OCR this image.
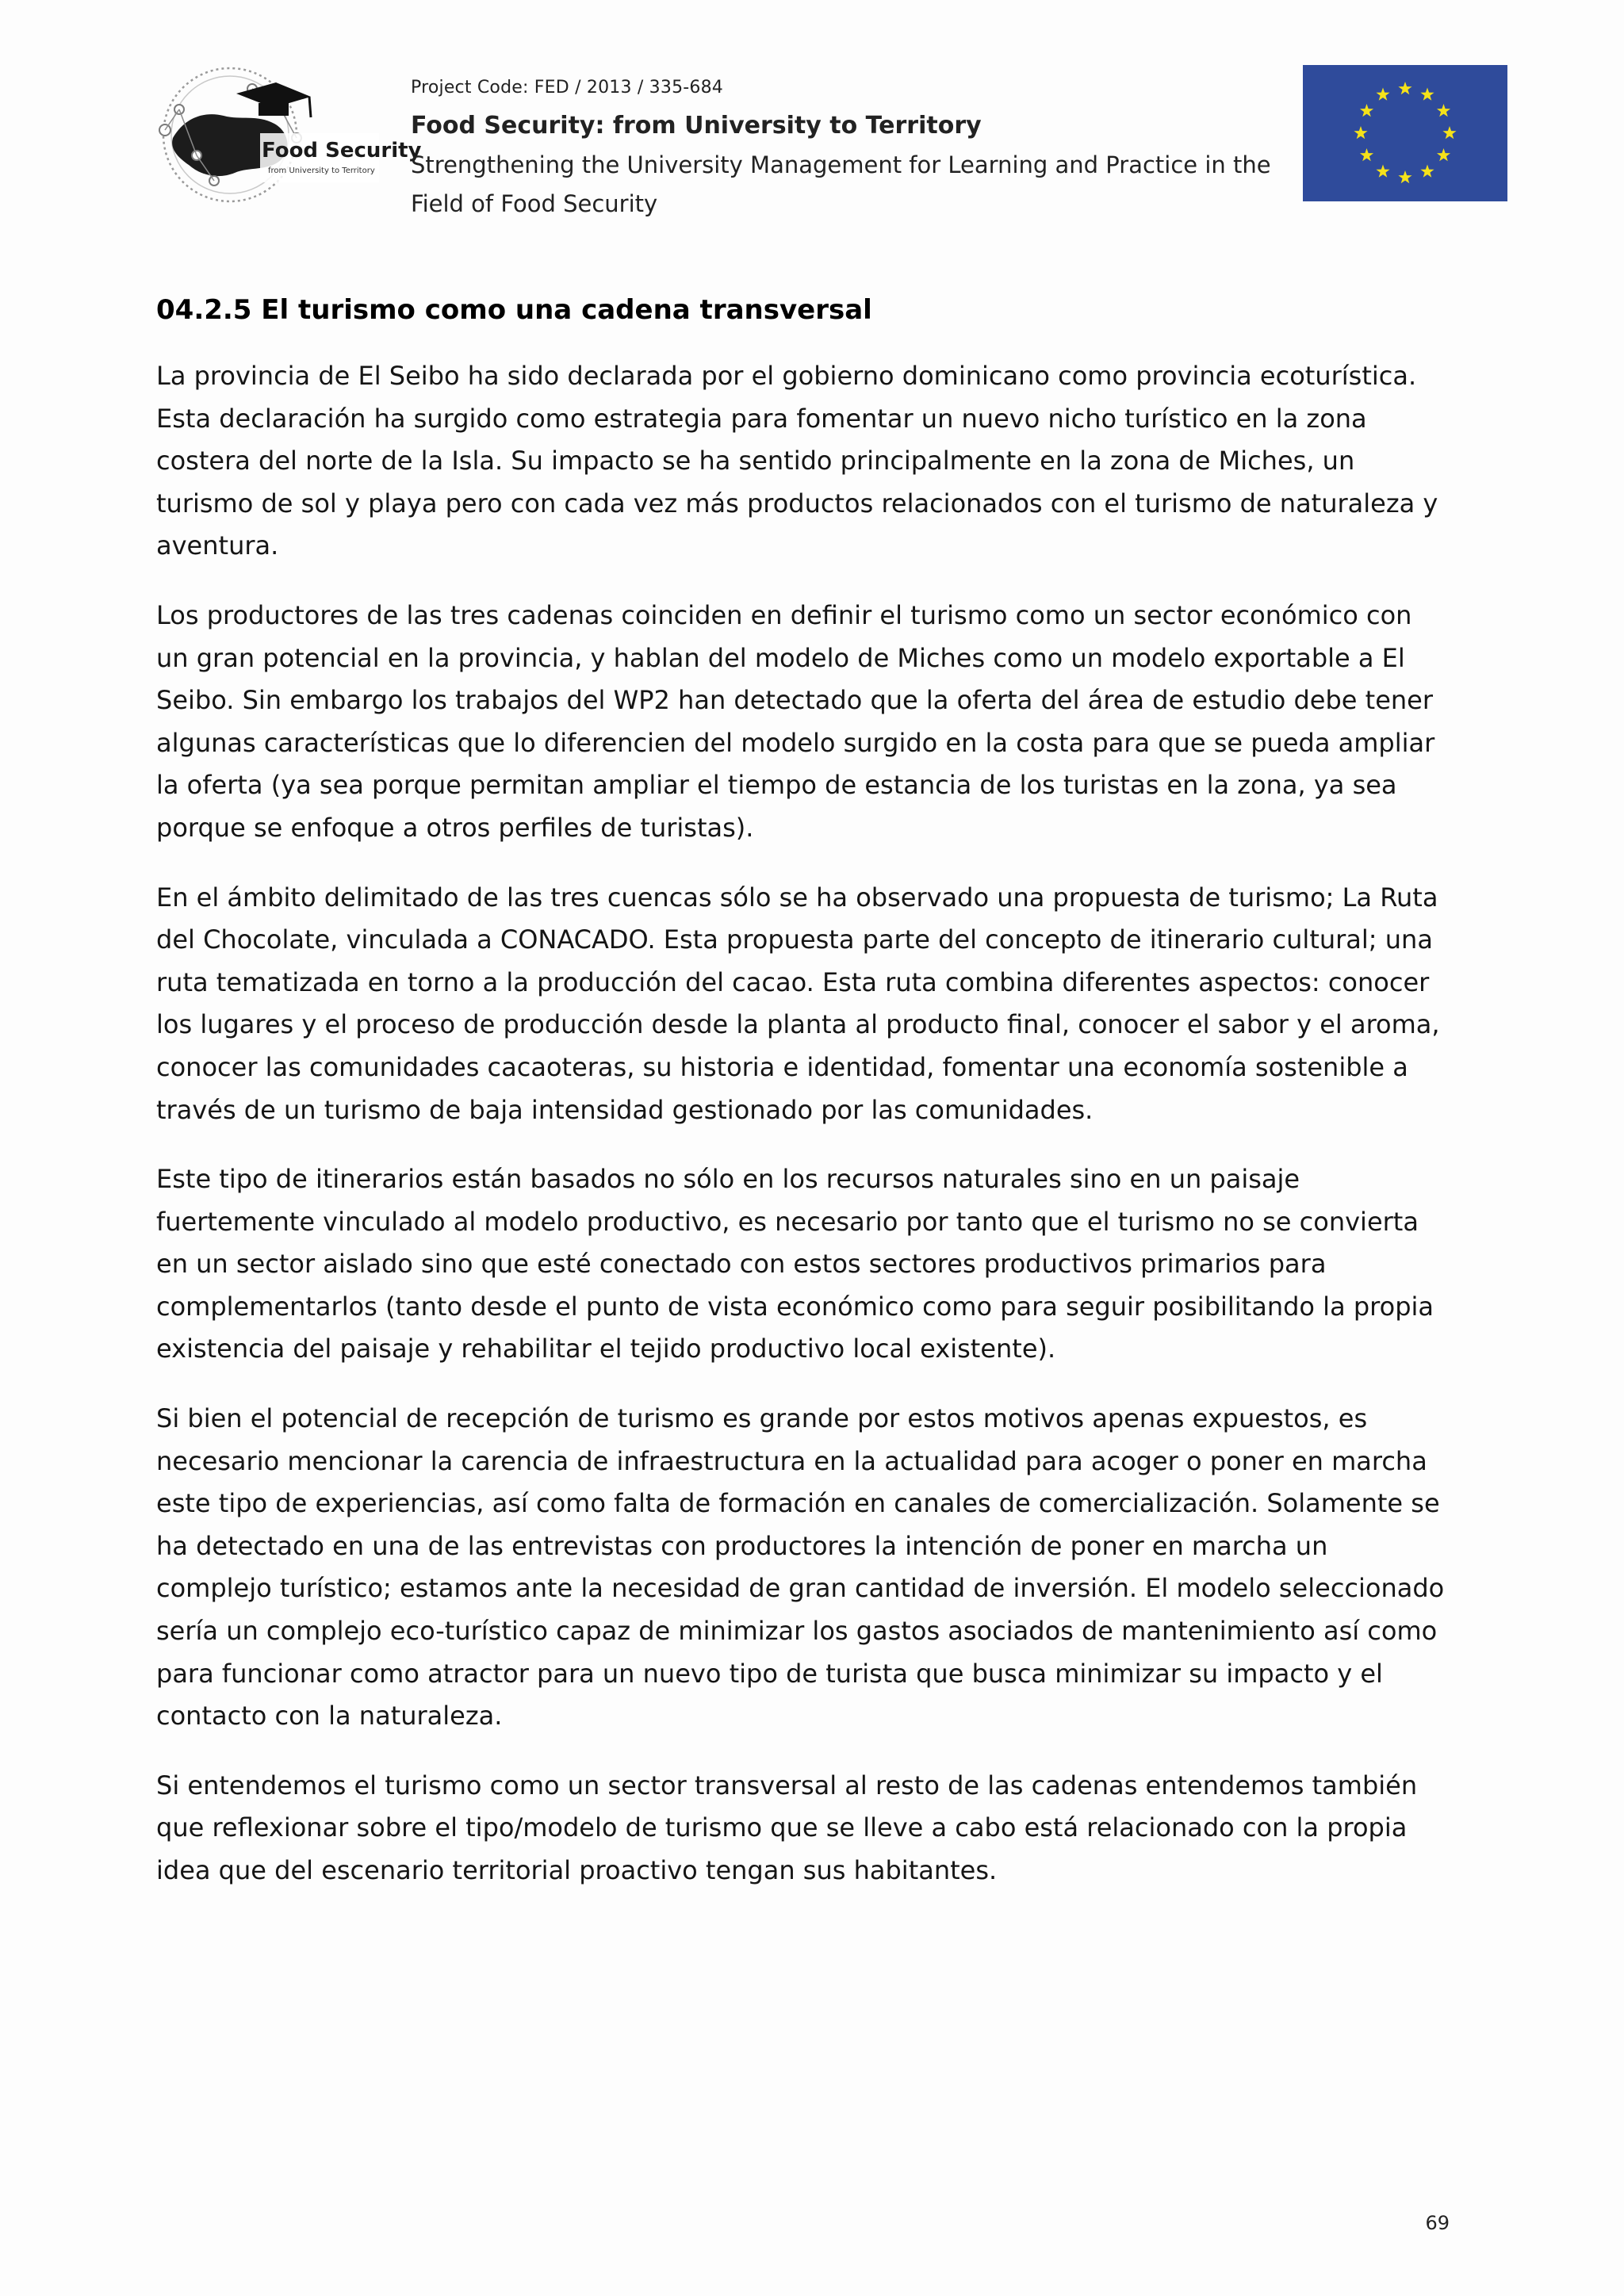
Food Security
from University to Territory
Project Code: FED / 2013 / 335-684
Food Security: from University to Territory
Strengthening the University Management for Learning and Practice in the Field of Food Security
04.2.5 El turismo como una cadena transversal

La provincia de El Seibo ha sido declarada por el gobierno dominicano como provincia ecoturística. Esta declaración ha surgido como estrategia para fomentar un nuevo nicho turístico en la zona costera del norte de la Isla. Su impacto se ha sentido principalmente en la zona de Miches, un turismo de sol y playa pero con cada vez más productos relacionados con el turismo de naturaleza y aventura.

Los productores de las tres cadenas coinciden en definir el turismo como un sector económico con un gran potencial en la provincia, y hablan del modelo de Miches como un modelo exportable a El Seibo. Sin embargo los trabajos del WP2 han detectado que la oferta del área de estudio debe tener algunas características que lo diferencien del modelo surgido en la costa para que se pueda ampliar la oferta (ya sea porque permitan ampliar el tiempo de estancia de los turistas en la zona, ya sea porque se enfoque a otros perfiles de turistas).

En el ámbito delimitado de las tres cuencas sólo se ha observado una propuesta de turismo; La Ruta del Chocolate, vinculada a CONACADO. Esta propuesta parte del concepto de itinerario cultural; una ruta tematizada en torno a la producción del cacao. Esta ruta combina diferentes aspectos: conocer los lugares y el proceso de producción desde la planta al producto final, conocer el sabor y el aroma, conocer las comunidades cacaoteras, su historia e identidad, fomentar una economía sostenible a través de un turismo de baja intensidad gestionado por las comunidades.

Este tipo de itinerarios están basados no sólo en los recursos naturales sino en un paisaje fuertemente vinculado al modelo productivo, es necesario por tanto que el turismo no se convierta en un sector aislado sino que esté conectado con estos sectores productivos primarios para complementarlos (tanto desde el punto de vista económico como para seguir posibilitando la propia existencia del paisaje y rehabilitar el tejido productivo local existente).

Si bien el potencial de recepción de turismo es grande por estos motivos apenas expuestos, es necesario mencionar la carencia de infraestructura en la actualidad para acoger o poner en marcha este tipo de experiencias, así como falta de formación en canales de comercialización. Solamente se ha detectado en una de las entrevistas con productores la intención de poner en marcha un complejo turístico; estamos ante la necesidad de gran cantidad de inversión. El modelo seleccionado sería un complejo eco-turístico capaz de minimizar los gastos asociados de mantenimiento así como para funcionar como atractor para un nuevo tipo de turista que busca minimizar su impacto y el contacto con la naturaleza.

Si entendemos el turismo como un sector transversal al resto de las cadenas entendemos también que reflexionar sobre el tipo/modelo de turismo que se lleve a cabo está relacionado con la propia idea que del escenario territorial proactivo tengan sus habitantes.

69
